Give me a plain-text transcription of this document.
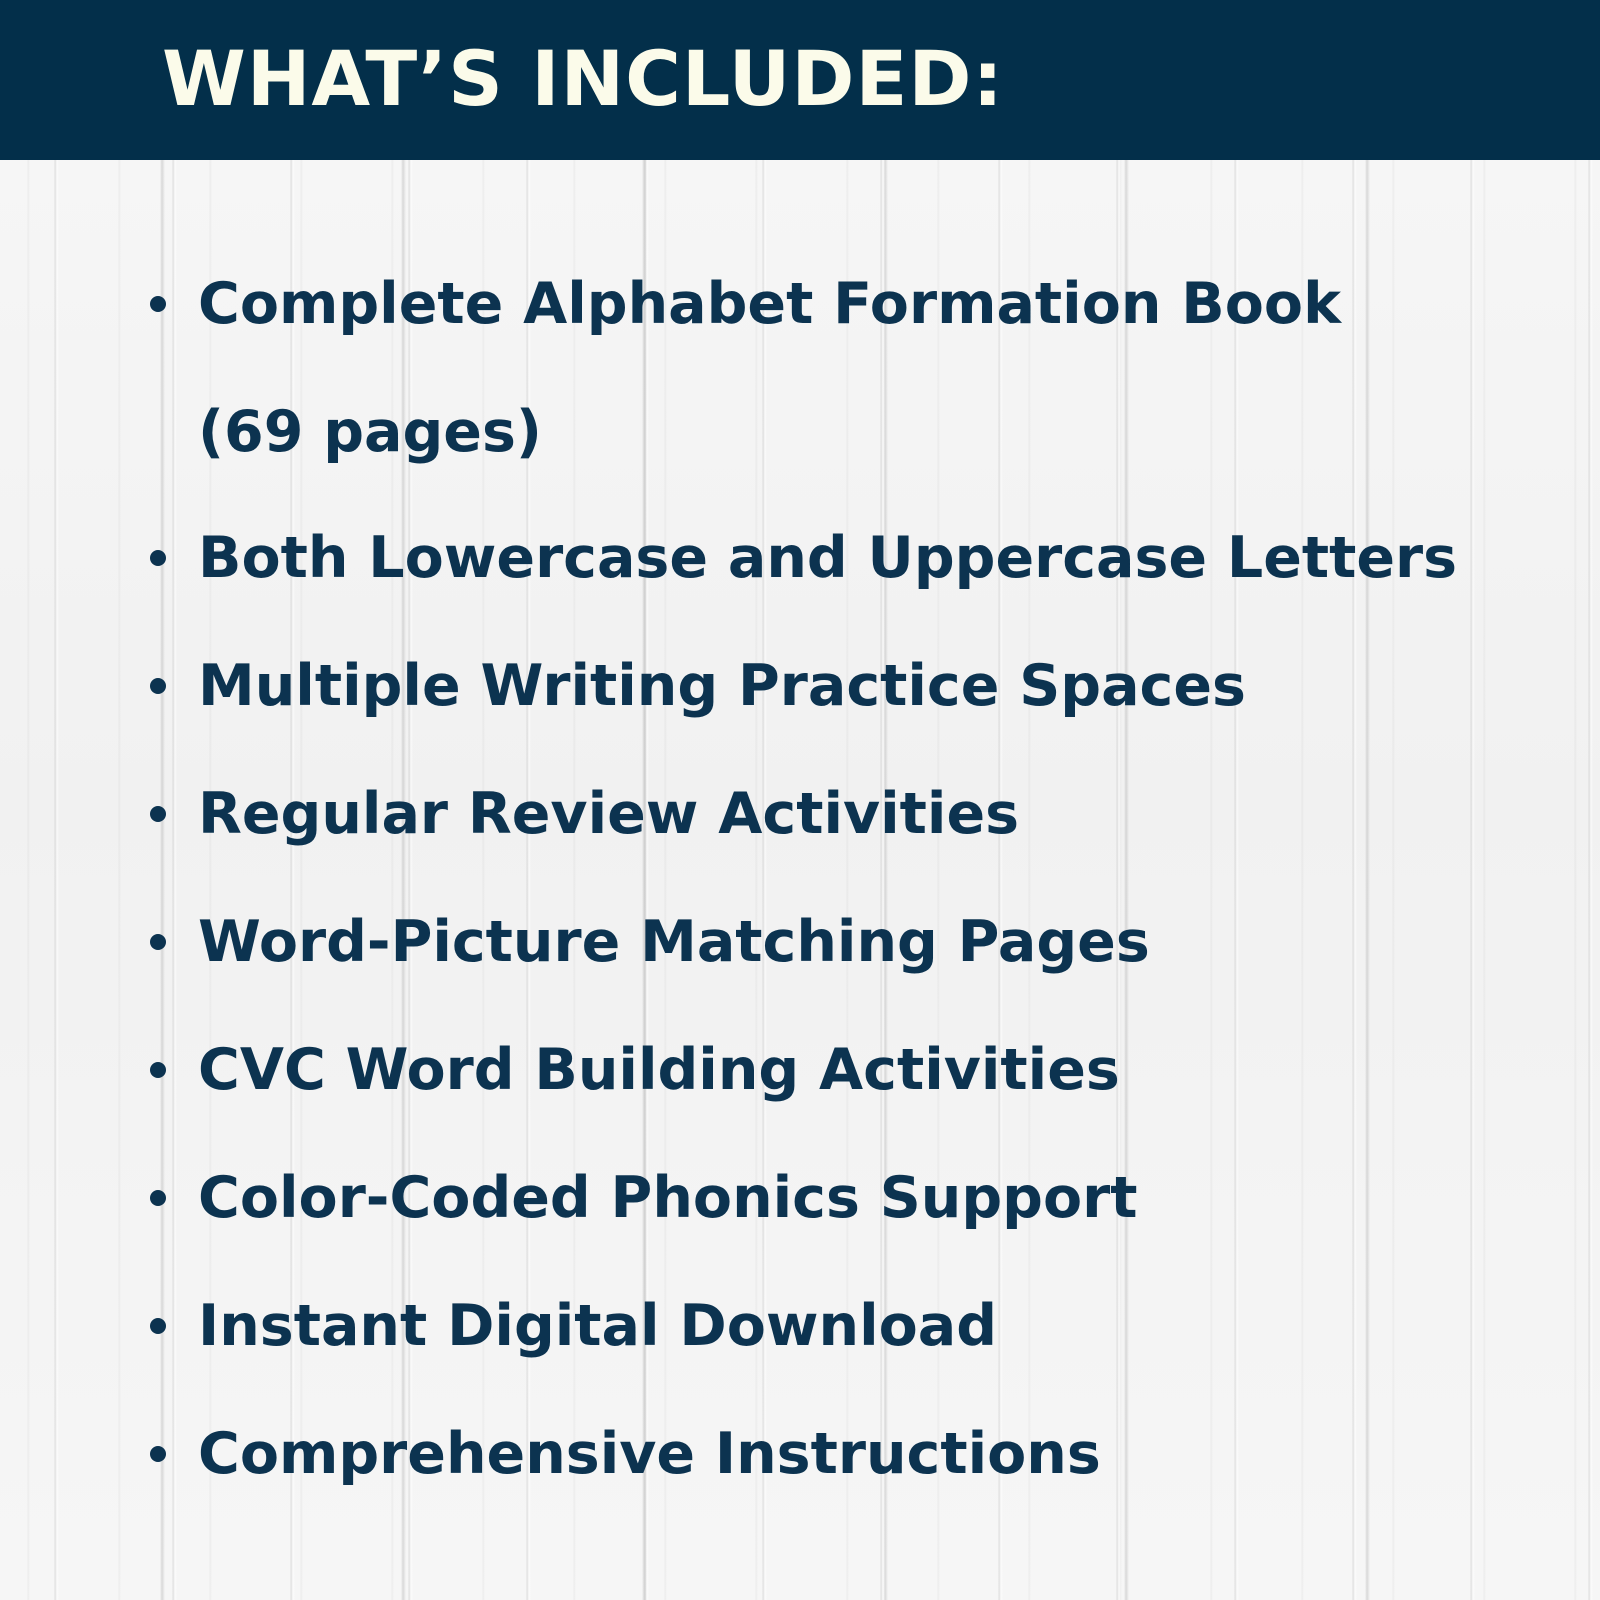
WHAT’S INCLUDED:
Complete Alphabet Formation Book
(69 pages)
Both Lowercase and Uppercase Letters
Multiple Writing Practice Spaces
Regular Review Activities
Word-Picture Matching Pages
CVC Word Building Activities
Color-Coded Phonics Support
Instant Digital Download
Comprehensive Instructions
